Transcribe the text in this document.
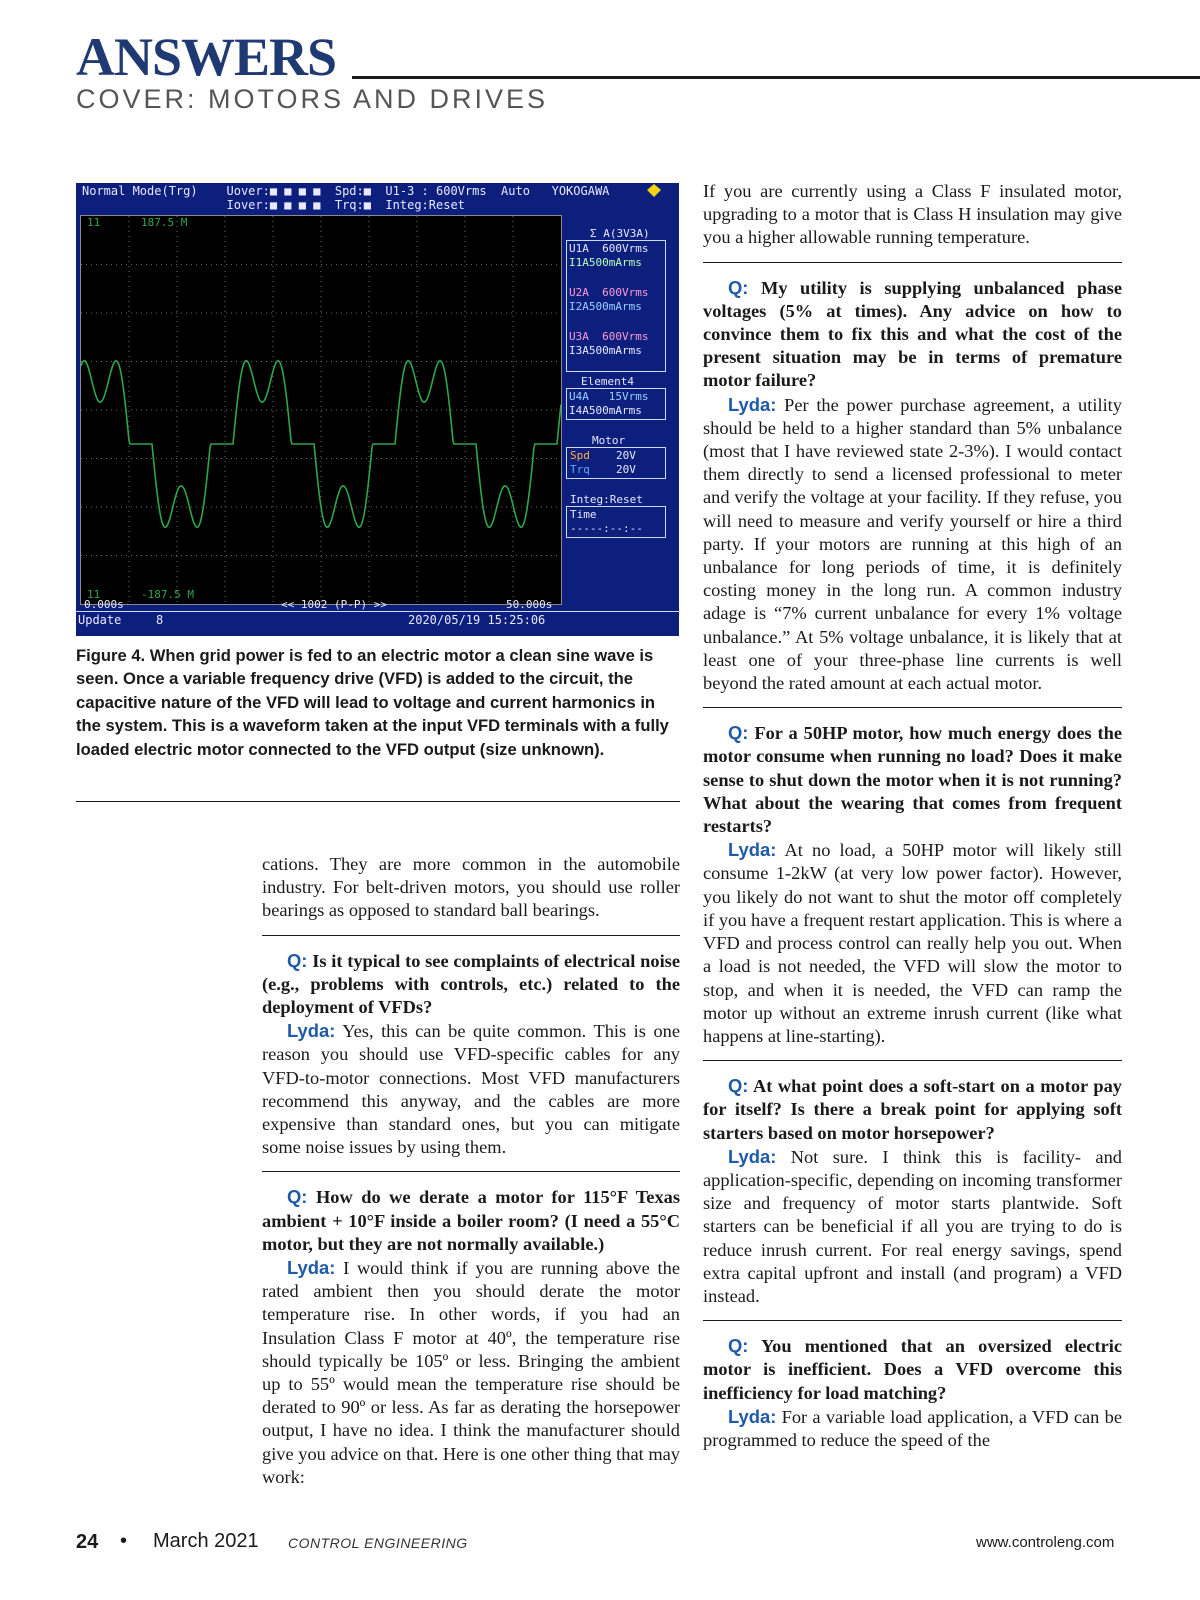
ANSWERS
COVER: MOTORS AND DRIVES
Normal Mode(Trg)    Uover:■ ■ ■ ■  Spd:■  U1-3 : 600Vrms  Auto   YOKOGAWA
Iover:■ ■ ■ ■  Trq:■  Integ:Reset
11	187.5 M
11	-187.5 M
Σ A(3V3A)
U1A  600Vrms
I1A500mArms
U2A  600Vrms
I2A500mArms
U3A  600Vrms
I3A500mArms
Element4
U4A   15Vrms
I4A500mArms
Motor
Spd 20V
Trq 20V
Integ:Reset
Time
-----:--:--
0.000s	<< 1002 (P-P) >>	50.000s
Update	8	2020/05/19 15:25:06
Figure 4. When grid power is fed to an electric motor a clean sine wave is seen. Once a variable frequency drive (VFD) is added to the circuit, the capacitive nature of the VFD will lead to voltage and current harmonics in the system. This is a waveform taken at the input VFD terminals with a fully loaded electric motor connected to the VFD output (size unknown).

cations. They are more common in the automobile industry. For belt-driven motors, you should use roller bearings as opposed to standard ball bearings.

Q: Is it typical to see complaints of electrical noise (e.g., problems with controls, etc.) related to the deployment of VFDs?

Lyda: Yes, this can be quite common. This is one reason you should use VFD-specific cables for any VFD-to-motor connections. Most VFD manufacturers recommend this anyway, and the cables are more expensive than standard ones, but you can mitigate some noise issues by using them.

Q: How do we derate a motor for 115°F Texas ambient + 10°F inside a boiler room? (I need a 55°C motor, but they are not normally available.)

Lyda: I would think if you are running above the rated ambient then you should derate the motor temperature rise. In other words, if you had an Insulation Class F motor at 40º, the temperature rise should typically be 105º or less. Bringing the ambient up to 55º would mean the temperature rise should be derated to 90º or less. As far as derating the horsepower output, I have no idea. I think the manufacturer should give you advice on that. Here is one other thing that may work:

If you are currently using a Class F insulated motor, upgrading to a motor that is Class H insulation may give you a higher allowable running temperature.

Q: My utility is supplying unbalanced phase voltages (5% at times). Any advice on how to convince them to fix this and what the cost of the present situation may be in terms of premature motor failure?

Lyda: Per the power purchase agreement, a utility should be held to a higher standard than 5% unbalance (most that I have reviewed state 2-3%). I would contact them directly to send a licensed professional to meter and verify the voltage at your facility. If they refuse, you will need to measure and verify yourself or hire a third party. If your motors are running at this high of an unbalance for long periods of time, it is definitely costing money in the long run. A common industry adage is “7% current unbalance for every 1% voltage unbalance.” At 5% voltage unbalance, it is likely that at least one of your three-phase line currents is well beyond the rated amount at each actual motor.

Q: For a 50HP motor, how much energy does the motor consume when running no load? Does it make sense to shut down the motor when it is not running? What about the wearing that comes from frequent restarts?

Lyda: At no load, a 50HP motor will likely still consume 1-2kW (at very low power factor). However, you likely do not want to shut the motor off completely if you have a frequent restart application. This is where a VFD and process control can really help you out. When a load is not needed, the VFD will slow the motor to stop, and when it is needed, the VFD can ramp the motor up without an extreme inrush current (like what happens at line-starting).

Q: At what point does a soft-start on a motor pay for itself? Is there a break point for applying soft starters based on motor horsepower?

Lyda: Not sure. I think this is facility- and application-specific, depending on incoming transformer size and frequency of motor starts plantwide. Soft starters can be beneficial if all you are trying to do is reduce inrush current. For real energy savings, spend extra capital upfront and install (and program) a VFD instead.

Q: You mentioned that an oversized electric motor is inefficient. Does a VFD overcome this inefficiency for load matching?

Lyda: For a variable load application, a VFD can be programmed to reduce the speed of the

24 • March 2021 CONTROL ENGINEERING	www.controleng.com
